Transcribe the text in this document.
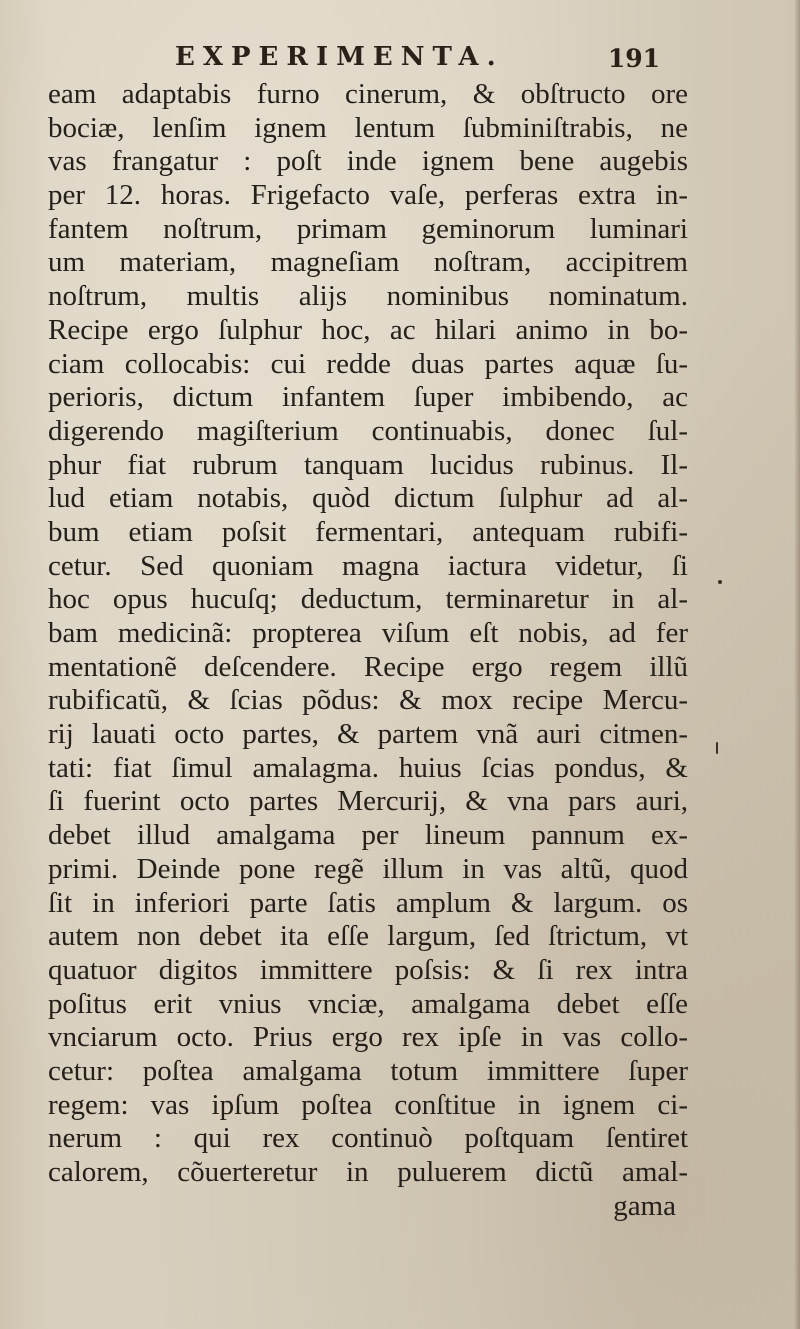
EXPERIMENTA.	191
eam adaptabis furno cinerum, & obſtructo ore
bociæ, lenſim ignem lentum ſubminiſtrabis, ne
vas frangatur : poſt inde ignem bene augebis
per 12. horas. Frigefacto vaſe, perferas extra in-
fantem noſtrum, primam geminorum luminari
um materiam, magneſiam noſtram, accipitrem
noſtrum, multis alijs nominibus nominatum.
Recipe ergo ſulphur hoc, ac hilari animo in bo-
ciam collocabis: cui redde duas partes aquæ ſu-
perioris, dictum infantem ſuper imbibendo, ac
digerendo magiſterium continuabis, donec ſul-
phur fiat rubrum tanquam lucidus rubinus. Il-
lud etiam notabis, quòd dictum ſulphur ad al-
bum etiam poſsit fermentari, antequam rubifi-
cetur. Sed quoniam magna iactura videtur, ſi
hoc opus hucuſq; deductum, terminaretur in al-
bam medicinã: propterea viſum eſt nobis, ad fer
mentationẽ deſcendere. Recipe ergo regem illũ
rubificatũ, & ſcias põdus: & mox recipe Mercu-
rij lauati octo partes, & partem vnã auri citmen-
tati: fiat ſimul amalagma. huius ſcias pondus, &
ſi fuerint octo partes Mercurij, & vna pars auri,
debet illud amalgama per lineum pannum ex-
primi. Deinde pone regẽ illum in vas altũ, quod
ſit in inferiori parte ſatis amplum & largum. os
autem non debet ita eſſe largum, ſed ſtrictum, vt
quatuor digitos immittere poſsis: & ſi rex intra
poſitus erit vnius vnciæ, amalgama debet eſſe
vnciarum octo. Prius ergo rex ipſe in vas collo-
cetur: poſtea amalgama totum immittere ſuper
regem: vas ipſum poſtea conſtitue in ignem ci-
nerum : qui rex continuò poſtquam ſentiret
calorem, cõuerteretur in puluerem dictũ amal-
gama
